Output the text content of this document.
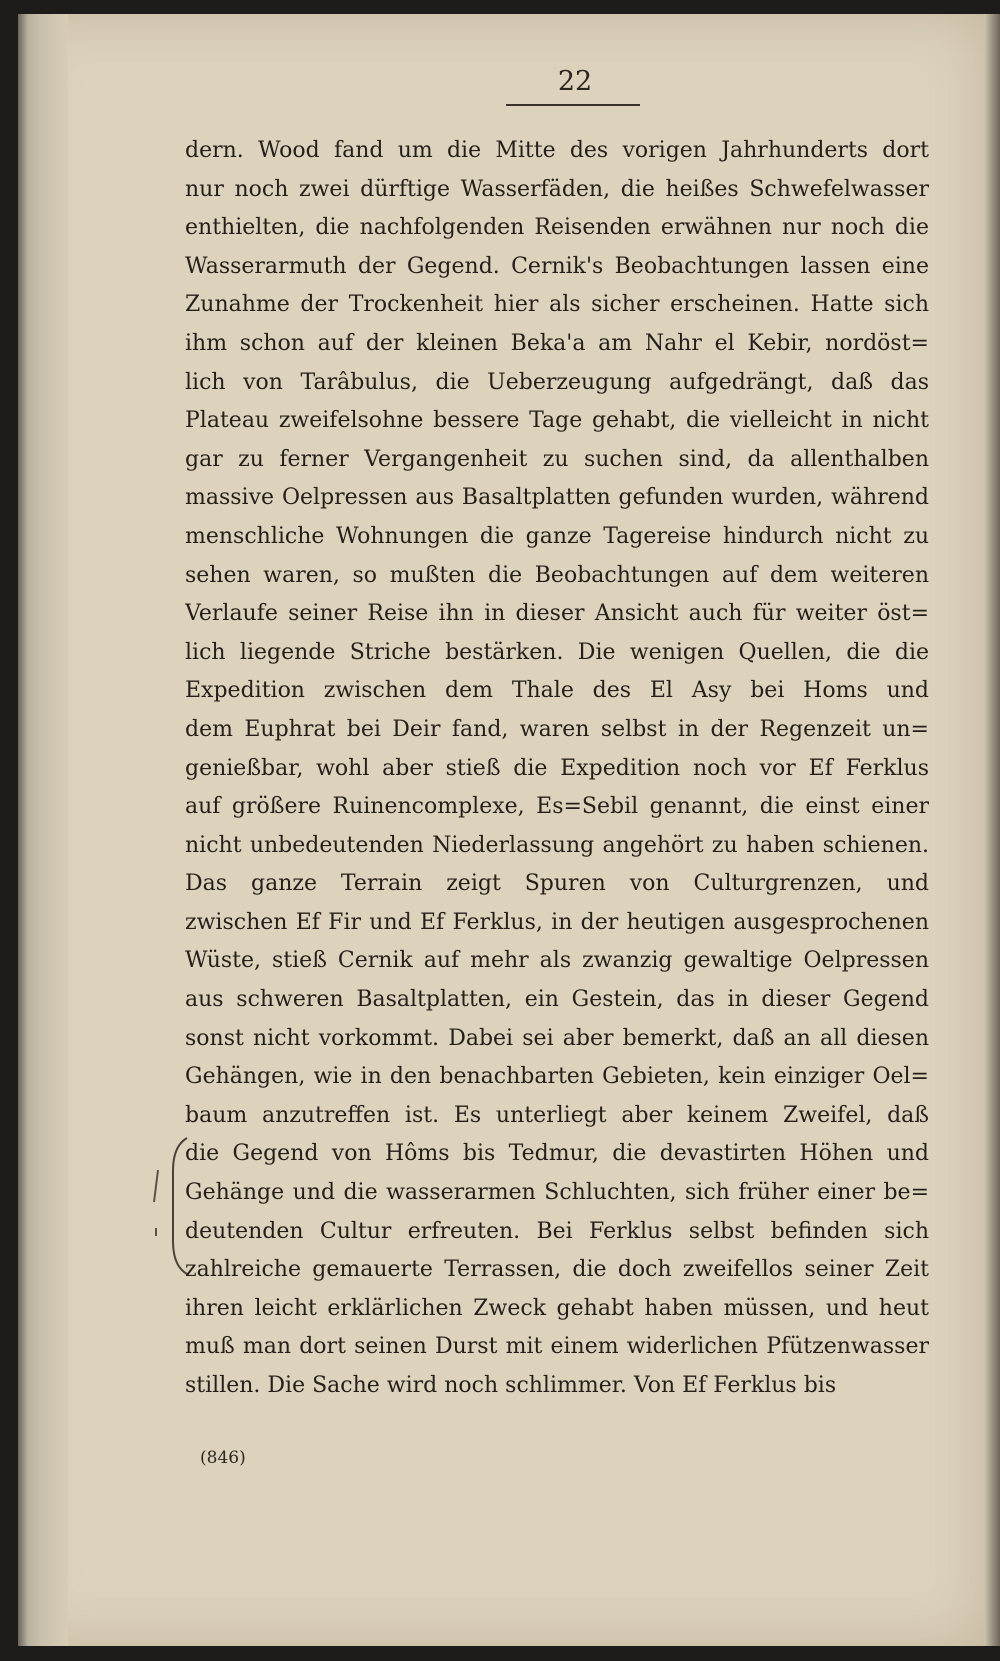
22
dern. Wood fand um die Mitte des vorigen Jahrhunderts dort
nur noch zwei dürftige Wasserfäden, die heißes Schwefelwasser
enthielten, die nachfolgenden Reisenden erwähnen nur noch die
Wasserarmuth der Gegend. Cernik's Beobachtungen lassen eine
Zunahme der Trockenheit hier als sicher erscheinen. Hatte sich
ihm schon auf der kleinen Beka'a am Nahr el Kebir, nordöst=
lich von Tarâbulus, die Ueberzeugung aufgedrängt, daß das
Plateau zweifelsohne bessere Tage gehabt, die vielleicht in nicht
gar zu ferner Vergangenheit zu suchen sind, da allenthalben
massive Oelpressen aus Basaltplatten gefunden wurden, während
menschliche Wohnungen die ganze Tagereise hindurch nicht zu
sehen waren, so mußten die Beobachtungen auf dem weiteren
Verlaufe seiner Reise ihn in dieser Ansicht auch für weiter öst=
lich liegende Striche bestärken. Die wenigen Quellen, die die
Expedition zwischen dem Thale des El Asy bei Homs und
dem Euphrat bei Deir fand, waren selbst in der Regenzeit un=
genießbar, wohl aber stieß die Expedition noch vor Ef Ferklus
auf größere Ruinencomplexe, Es=Sebil genannt, die einst einer
nicht unbedeutenden Niederlassung angehört zu haben schienen.
Das ganze Terrain zeigt Spuren von Culturgrenzen, und
zwischen Ef Fir und Ef Ferklus, in der heutigen ausgesprochenen
Wüste, stieß Cernik auf mehr als zwanzig gewaltige Oelpressen
aus schweren Basaltplatten, ein Gestein, das in dieser Gegend
sonst nicht vorkommt. Dabei sei aber bemerkt, daß an all diesen
Gehängen, wie in den benachbarten Gebieten, kein einziger Oel=
baum anzutreffen ist. Es unterliegt aber keinem Zweifel, daß
die Gegend von Hôms bis Tedmur, die devastirten Höhen und
Gehänge und die wasserarmen Schluchten, sich früher einer be=
deutenden Cultur erfreuten. Bei Ferklus selbst befinden sich
zahlreiche gemauerte Terrassen, die doch zweifellos seiner Zeit
ihren leicht erklärlichen Zweck gehabt haben müssen, und heut
muß man dort seinen Durst mit einem widerlichen Pfützenwasser
stillen. Die Sache wird noch schlimmer. Von Ef Ferklus bis
(846)
